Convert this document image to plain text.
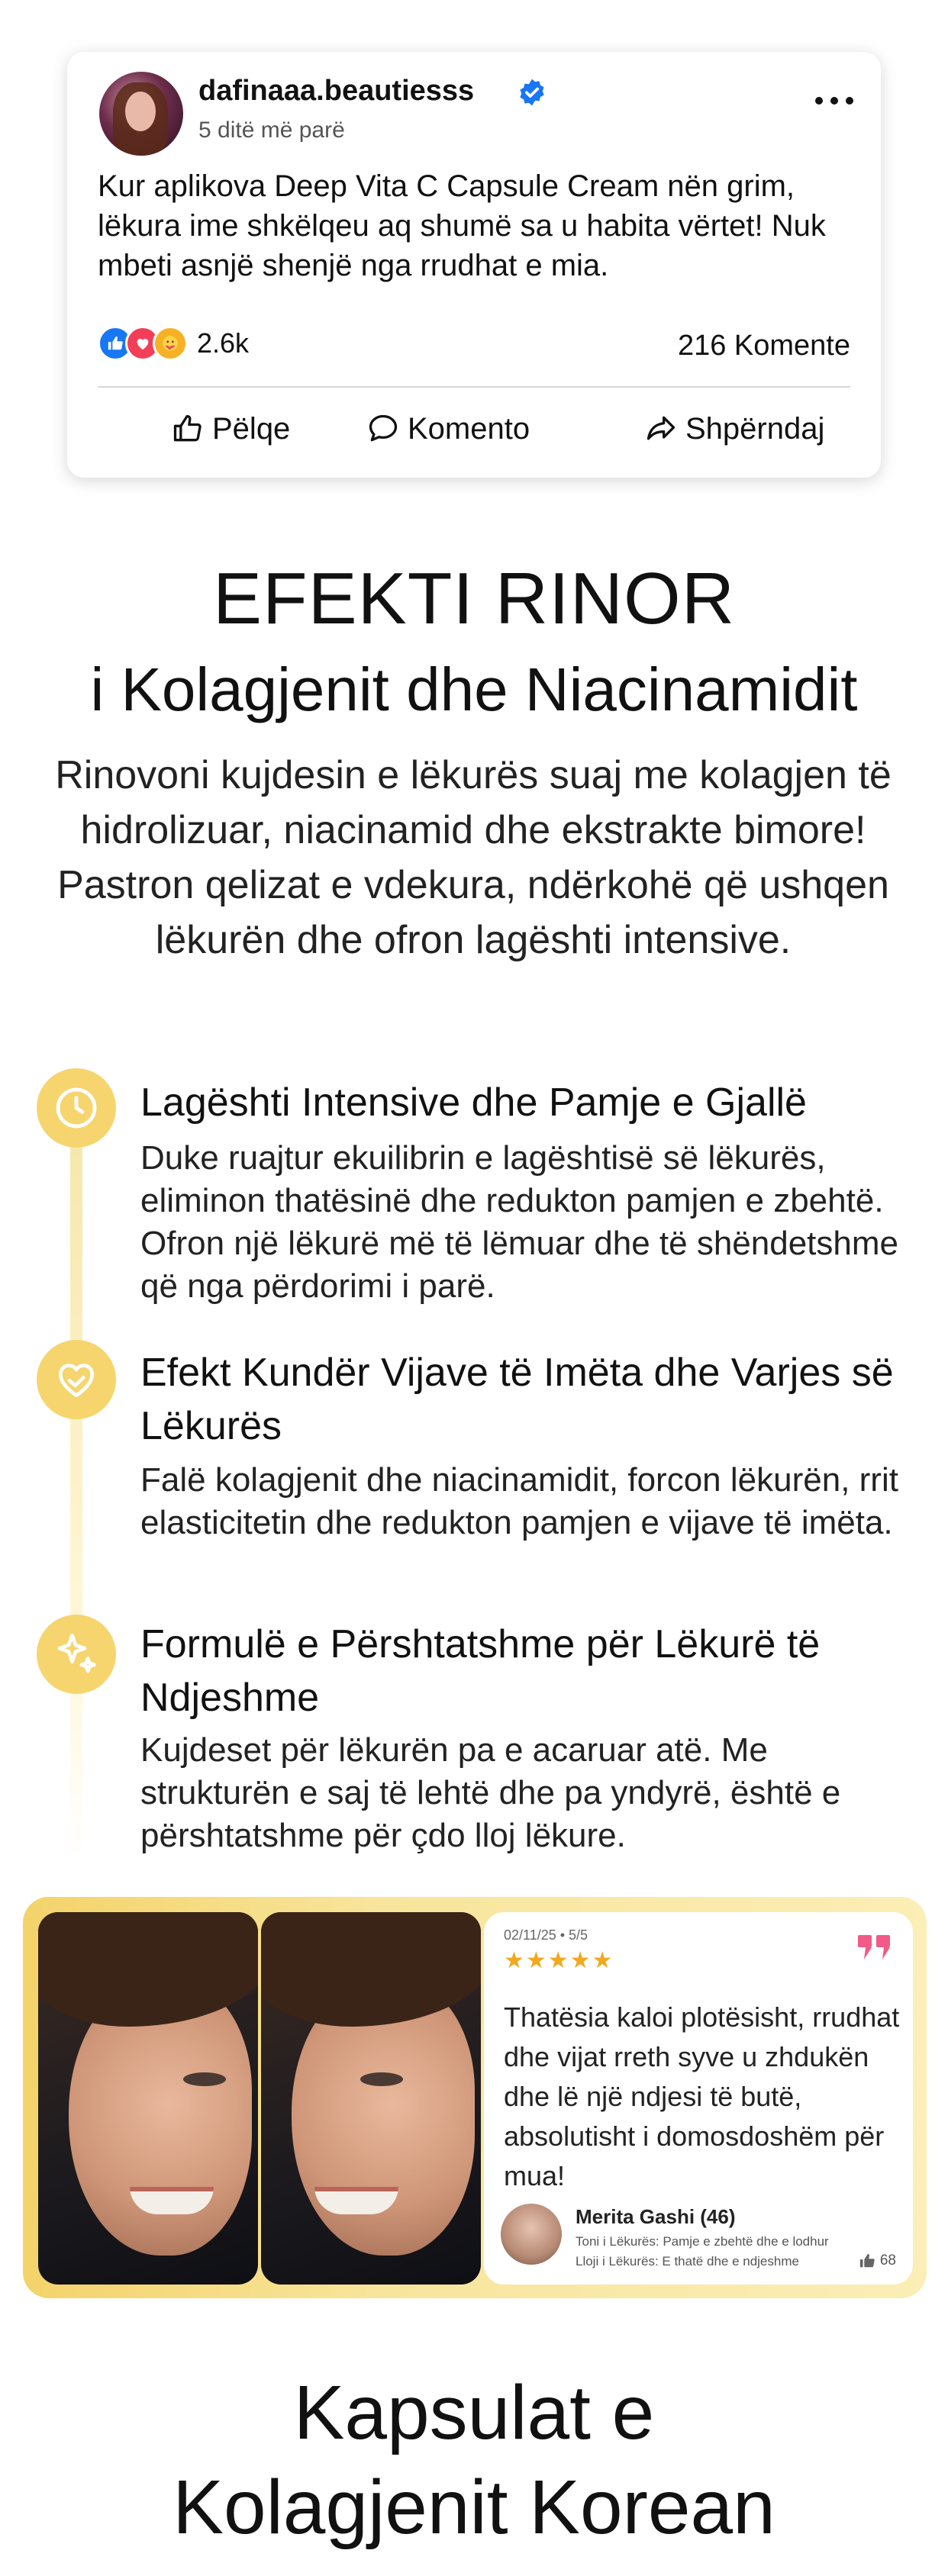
dafinaaa.beautiesss
5 ditë më parë
Kur aplikova Deep Vita C Capsule Cream nën grim, lëkura ime shkëlqeu aq shumë sa u habita vërtet! Nuk mbeti asnjë shenjë nga rrudhat e mia.
2.6k	216 Komente
Pëlqe	Komento	Shpërndaj
EFEKTI RINOR
i Kolagjenit dhe Niacinamidit
Rinovoni kujdesin e lëkurës suaj me kolagjen të hidrolizuar, niacinamid dhe ekstrakte bimore! Pastron qelizat e vdekura, ndërkohë që ushqen lëkurën dhe ofron lagështi intensive.
Lagështi Intensive dhe Pamje e Gjallë
Duke ruajtur ekuilibrin e lagështisë së lëkurës, eliminon thatësinë dhe redukton pamjen e zbehtë. Ofron një lëkurë më të lëmuar dhe të shëndetshme që nga përdorimi i parë.
Efekt Kundër Vijave të Imëta dhe Varjes së Lëkurës
Falë kolagjenit dhe niacinamidit, forcon lëkurën, rrit elasticitetin dhe redukton pamjen e vijave të imëta.
Formulë e Përshtatshme për Lëkurë të Ndjeshme
Kujdeset për lëkurën pa e acaruar atë. Me strukturën e saj të lehtë dhe pa yndyrë, është e përshtatshme për çdo lloj lëkure.
02/11/25 • 5/5
★★★★★
Thatësia kaloi plotësisht, rrudhat dhe vijat rreth syve u zhdukën dhe lë një ndjesi të butë, absolutisht i domosdoshëm për mua!
Merita Gashi (46)
Toni i Lëkurës: Pamje e zbehtë dhe e lodhur
Lloji i Lëkurës: E thatë dhe e ndjeshme	68
Kapsulat e
Kolagjenit Korean
